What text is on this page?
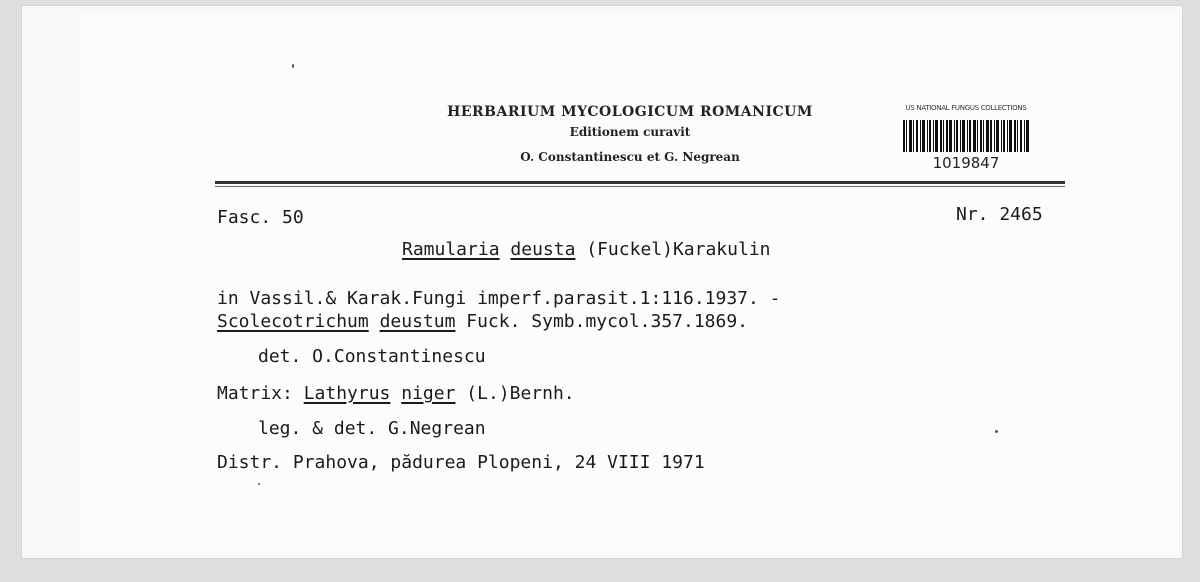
HERBARIUM MYCOLOGICUM ROMANICUM
Editionem curavit
O. Constantinescu et G. Negrean
US NATIONAL FUNGUS COLLECTIONS
1019847
Fasc. 50	Nr. 2465
Ramularia deusta (Fuckel)Karakulin
in Vassil.& Karak.Fungi imperf.parasit.1:116.1937. -
Scolecotrichum deustum Fuck. Symb.mycol.357.1869.
det. O.Constantinescu
Matrix: Lathyrus niger (L.)Bernh.
leg. & det. G.Negrean
Distr. Prahova, pădurea Plopeni, 24 VIII 1971
